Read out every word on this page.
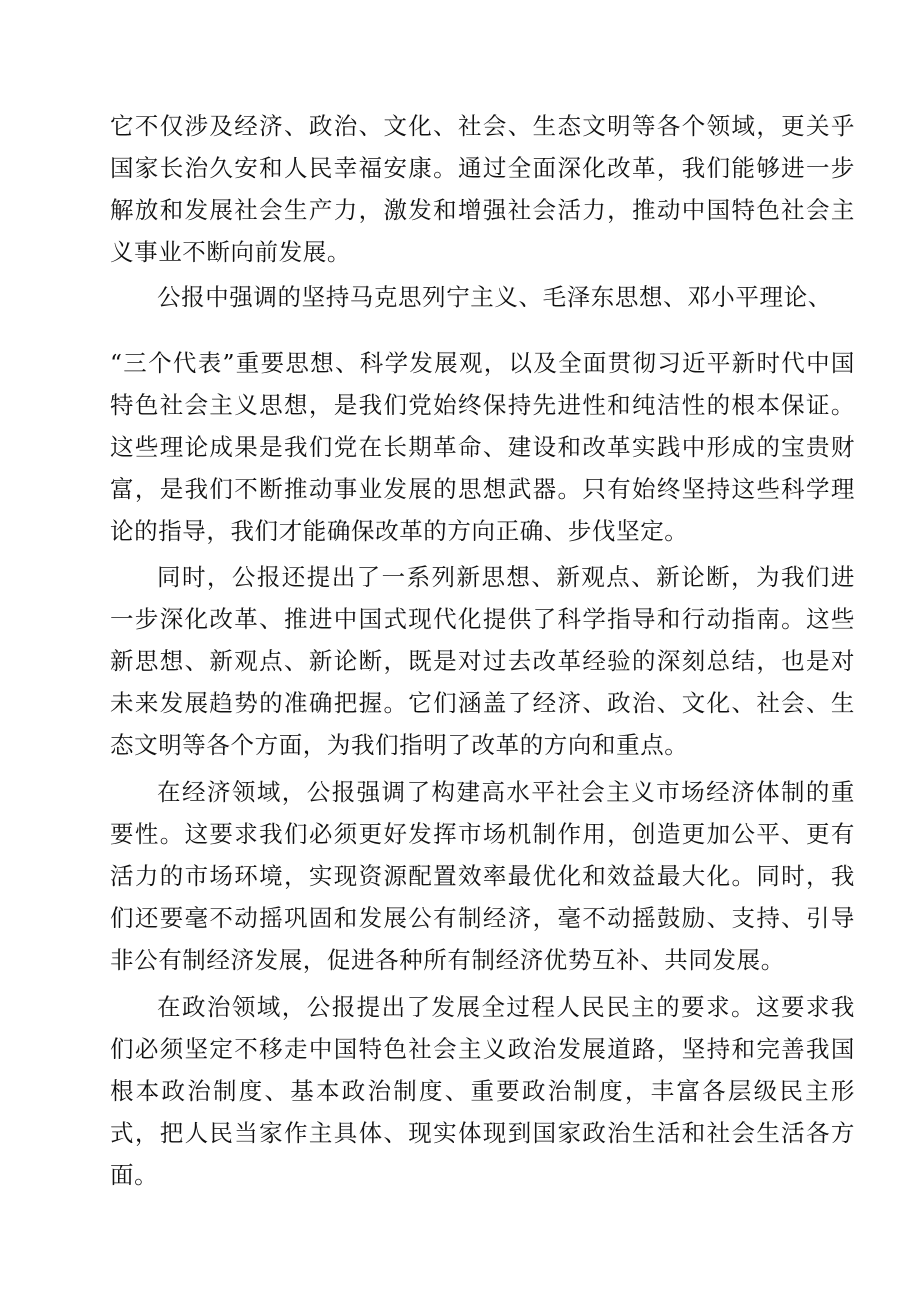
它不仅涉及经济、政治、文化、社会、生态文明等各个领域，更关乎国家长治久安和人民幸福安康。通过全面深化改革，我们能够进一步解放和发展社会生产力，激发和增强社会活力，推动中国特色社会主义事业不断向前发展。

公报中强调的坚持马克思列宁主义、毛泽东思想、邓小平理论、

“三个代表”重要思想、科学发展观，以及全面贯彻习近平新时代中国特色社会主义思想，是我们党始终保持先进性和纯洁性的根本保证。这些理论成果是我们党在长期革命、建设和改革实践中形成的宝贵财富，是我们不断推动事业发展的思想武器。只有始终坚持这些科学理论的指导，我们才能确保改革的方向正确、步伐坚定。

同时，公报还提出了一系列新思想、新观点、新论断，为我们进一步深化改革、推进中国式现代化提供了科学指导和行动指南。这些新思想、新观点、新论断，既是对过去改革经验的深刻总结，也是对未来发展趋势的准确把握。它们涵盖了经济、政治、文化、社会、生态文明等各个方面，为我们指明了改革的方向和重点。

在经济领域，公报强调了构建高水平社会主义市场经济体制的重要性。这要求我们必须更好发挥市场机制作用，创造更加公平、更有活力的市场环境，实现资源配置效率最优化和效益最大化。同时，我们还要毫不动摇巩固和发展公有制经济，毫不动摇鼓励、支持、引导非公有制经济发展，促进各种所有制经济优势互补、共同发展。

在政治领域，公报提出了发展全过程人民民主的要求。这要求我们必须坚定不移走中国特色社会主义政治发展道路，坚持和完善我国根本政治制度、基本政治制度、重要政治制度，丰富各层级民主形式，把人民当家作主具体、现实体现到国家政治生活和社会生活各方面。
